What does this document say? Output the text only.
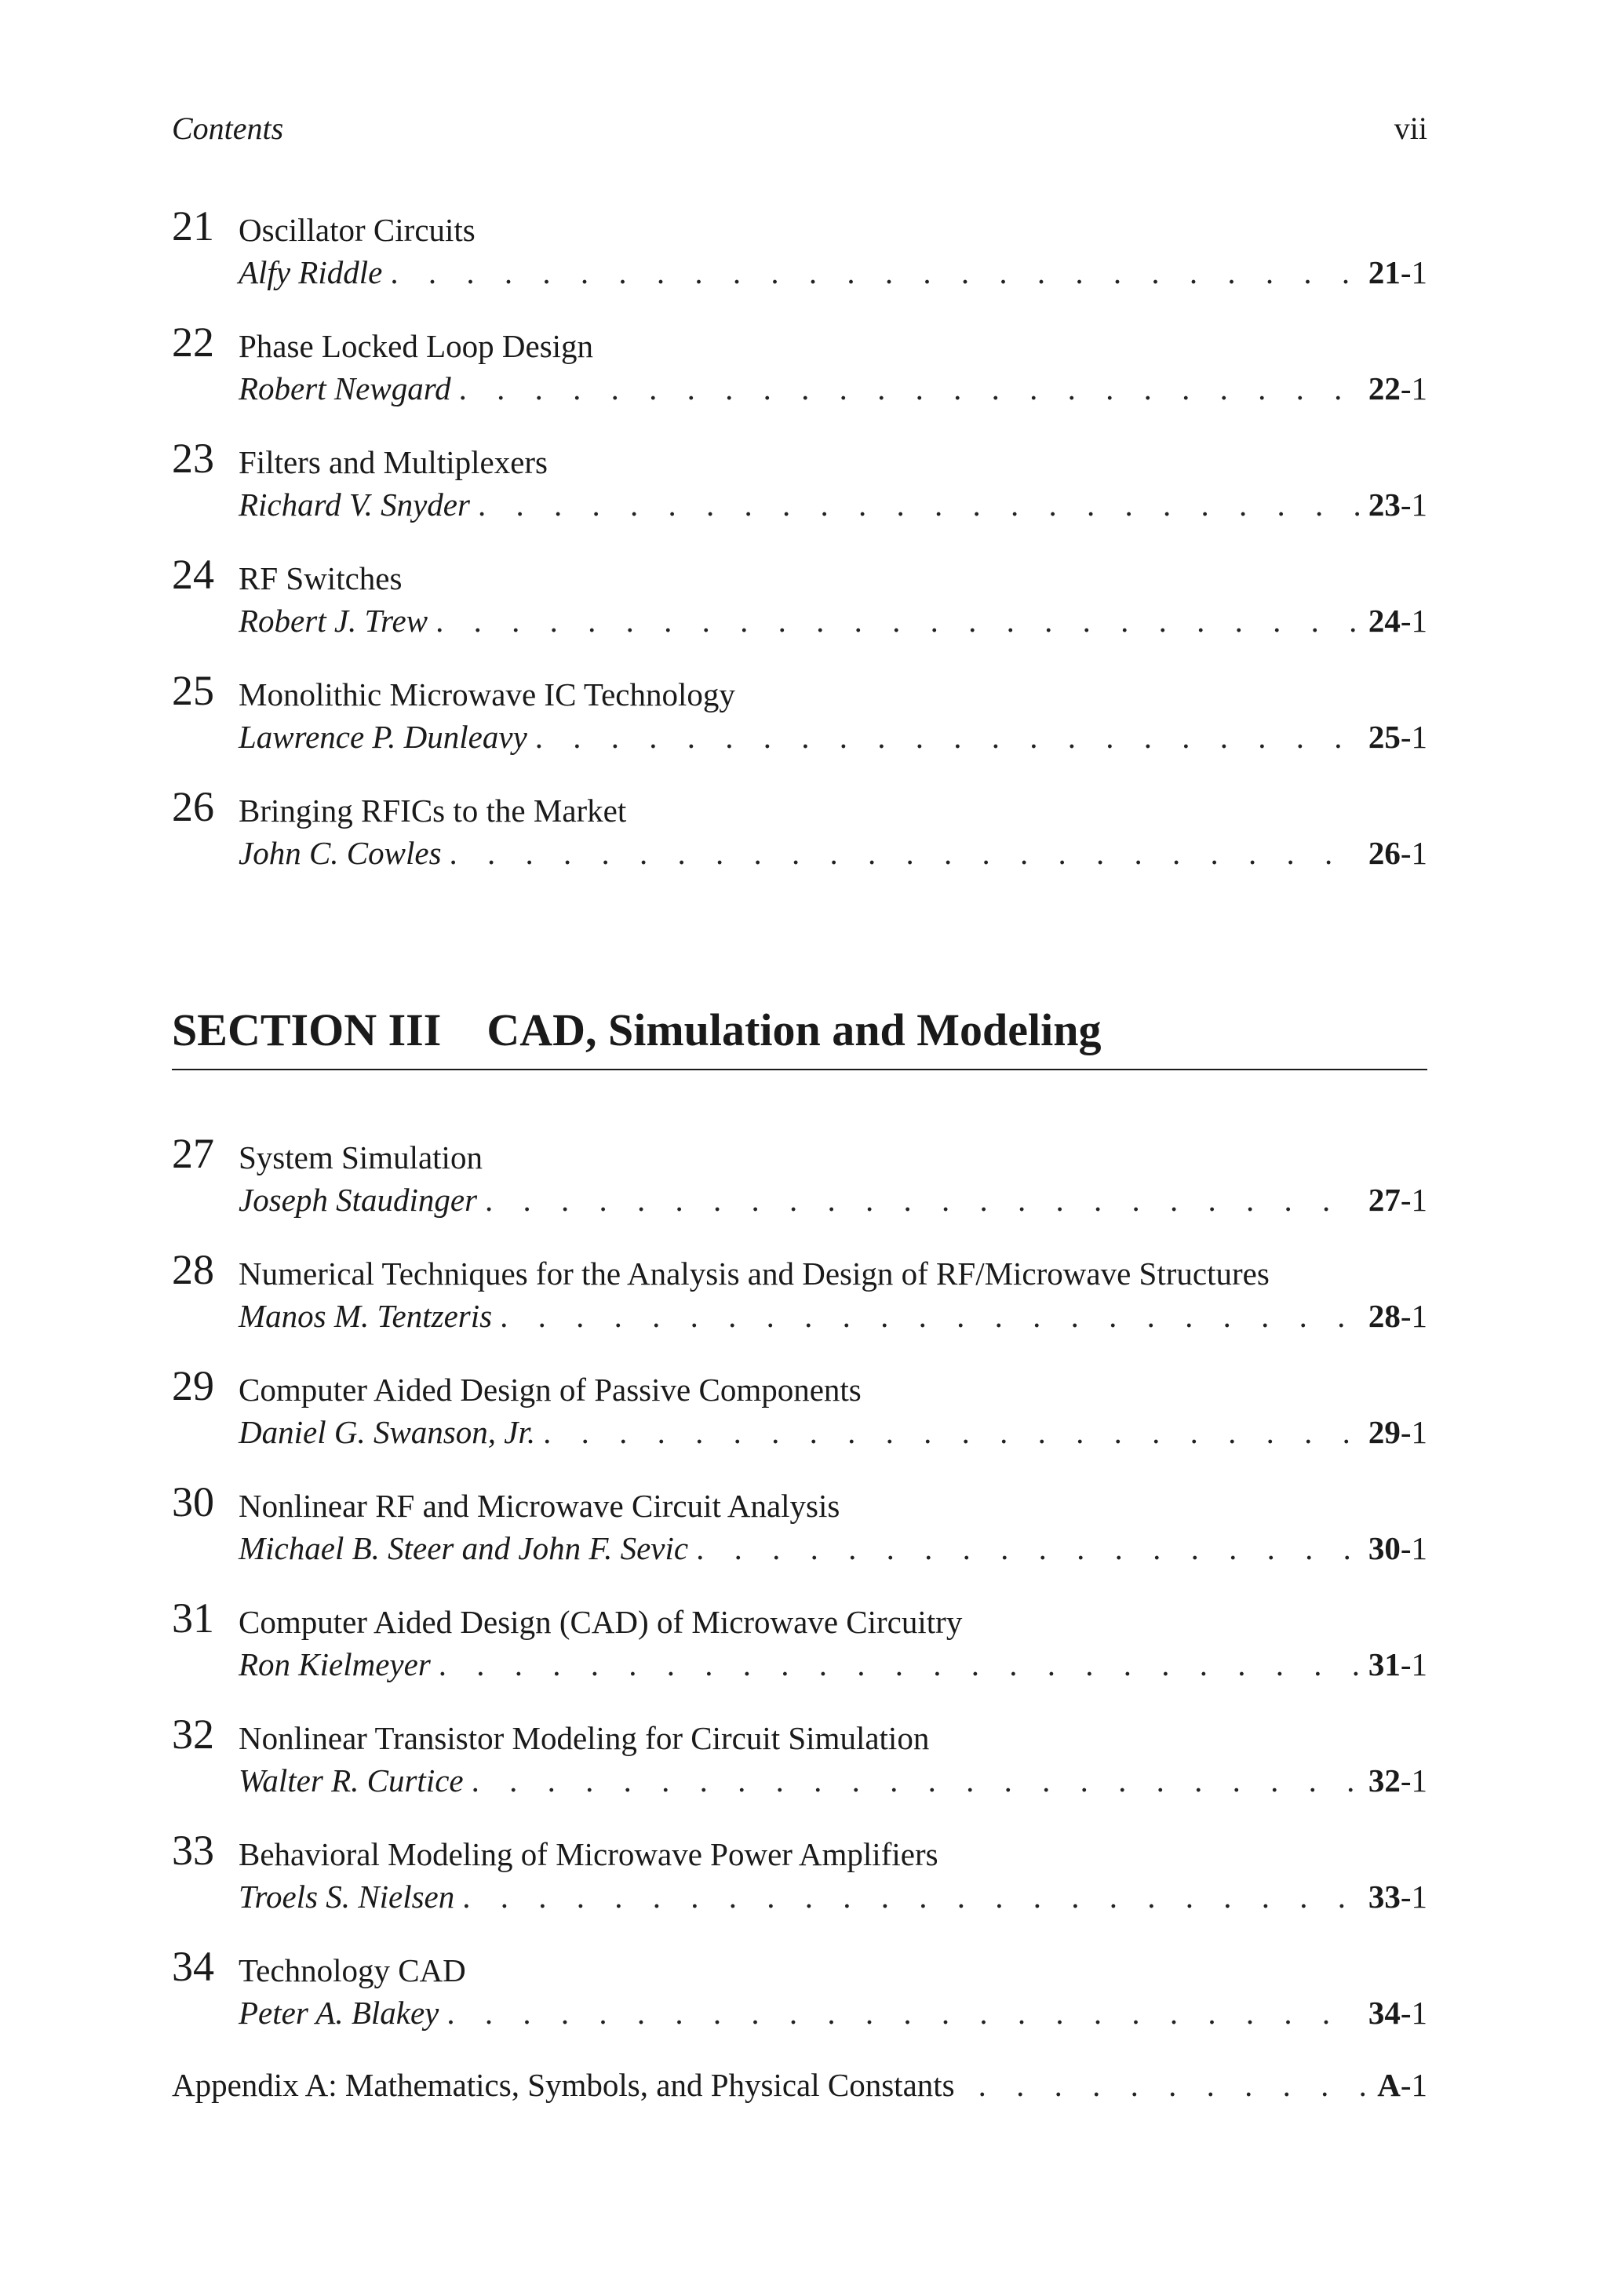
Contents	vii
21 Oscillator Circuits
Alfy Riddle . . .	21-1
22 Phase Locked Loop Design
Robert Newgard . . .	22-1
23 Filters and Multiplexers
Richard V. Snyder . . .	23-1
24 RF Switches
Robert J. Trew . . .	24-1
25 Monolithic Microwave IC Technology
Lawrence P. Dunleavy . . .	25-1
26 Bringing RFICs to the Market
John C. Cowles . . .	26-1
SECTION III CAD, Simulation and Modeling
27 System Simulation
Joseph Staudinger . . .	27-1
28 Numerical Techniques for the Analysis and Design of RF/Microwave Structures
Manos M. Tentzeris . . .	28-1
29 Computer Aided Design of Passive Components
Daniel G. Swanson, Jr. . . .	29-1
30 Nonlinear RF and Microwave Circuit Analysis
Michael B. Steer and John F. Sevic . . .	30-1
31 Computer Aided Design (CAD) of Microwave Circuitry
Ron Kielmeyer . . .	31-1
32 Nonlinear Transistor Modeling for Circuit Simulation
Walter R. Curtice . . .	32-1
33 Behavioral Modeling of Microwave Power Amplifiers
Troels S. Nielsen . . .	33-1
34 Technology CAD
Peter A. Blakey . . .	34-1
Appendix A: Mathematics, Symbols, and Physical Constants . . .	A-1
